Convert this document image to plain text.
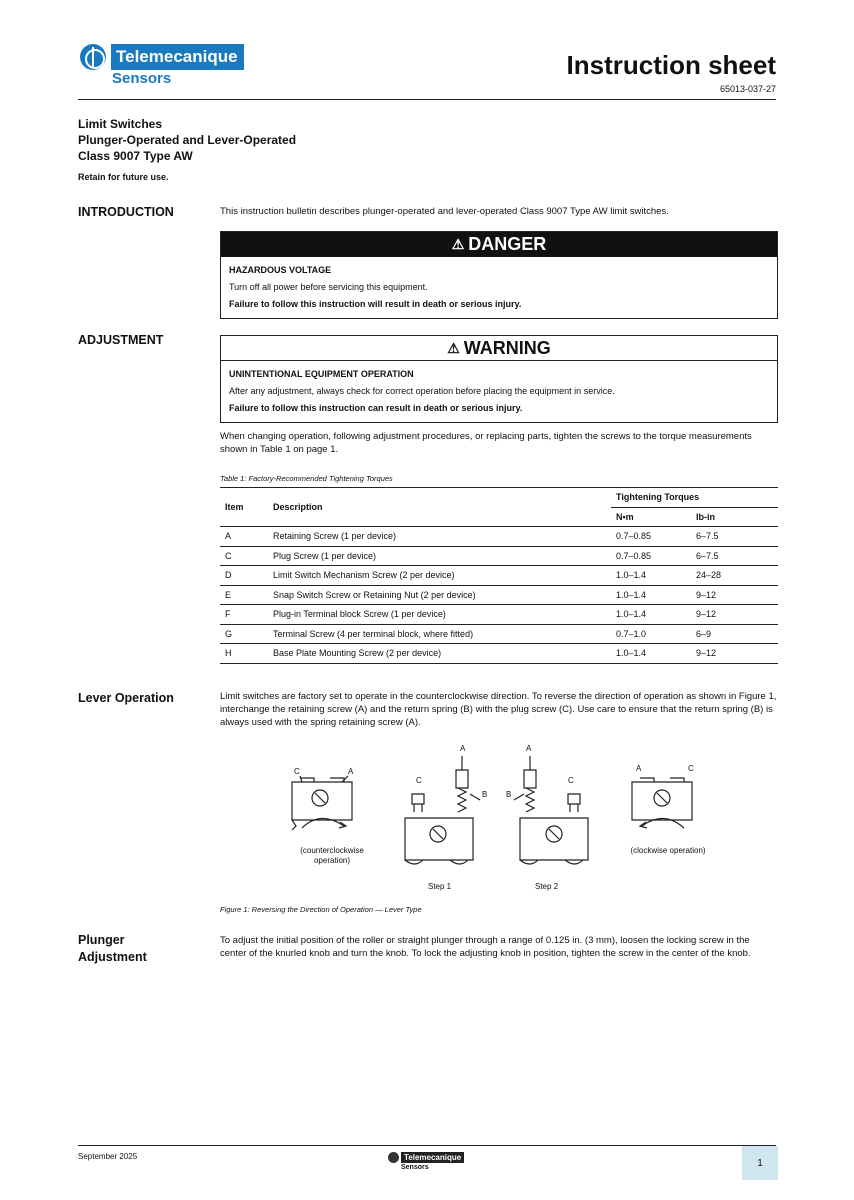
Telemecanique
Sensors	Instruction sheet
65013-037-27
Limit Switches
Plunger-Operated and Lever-Operated
Class 9007 Type AW
Retain for future use.
INTRODUCTION	This instruction bulletin describes plunger-operated and lever-operated Class 9007 Type AW limit switches.
⚠ DANGER
HAZARDOUS VOLTAGE
Turn off all power before servicing this equipment.
Failure to follow this instruction will result in death or serious injury.
ADJUSTMENT	⚠ WARNING
UNINTENTIONAL EQUIPMENT OPERATION
After any adjustment, always check for correct operation before placing the equipment in service.
Failure to follow this instruction can result in death or serious injury.
When changing operation, following adjustment procedures, or replacing parts, tighten the screws to the torque measurements shown in Table 1 on page 1.
Table 1: Factory-Recommended Tightening Torques
Item	Description	Tightening Torques	
		N•m	lb-in
A	Retaining Screw (1 per device)	0.7–0.85	6–7.5
C	Plug Screw (1 per device)	0.7–0.85	6–7.5
D	Limit Switch Mechanism Screw (2 per device)	1.0–1.4	24–28
E	Snap Switch Screw or Retaining Nut (2 per device)	1.0–1.4	9–12
F	Plug-in Terminal block Screw (1 per device)	1.0–1.4	9–12
G	Terminal Screw (4 per terminal block, where fitted)	0.7–1.0	6–9
H	Base Plate Mounting Screw (2 per device)	1.0–1.4	9–12
Lever Operation	Limit switches are factory set to operate in the counterclockwise direction. To reverse the direction of operation as shown in Figure 1, interchange the retaining screw (A) and the return spring (B) with the plug screw (C). Use care to ensure that the return spring (B) is always used with the spring retaining screw (A).
C	A
A
C
B
A
B
C
A	C
(counterclockwise operation)
(clockwise operation)
Step 1	Step 2
Figure 1: Reversing the Direction of Operation — Lever Type
Plunger
Adjustment
To adjust the initial position of the roller or straight plunger through a range of 0.125 in. (3 mm), loosen the locking screw in the center of the knurled knob and turn the knob. To lock the adjusting knob in position, tighten the screw in the center of the knob.
September 2025	Telemecanique
Sensors	1
